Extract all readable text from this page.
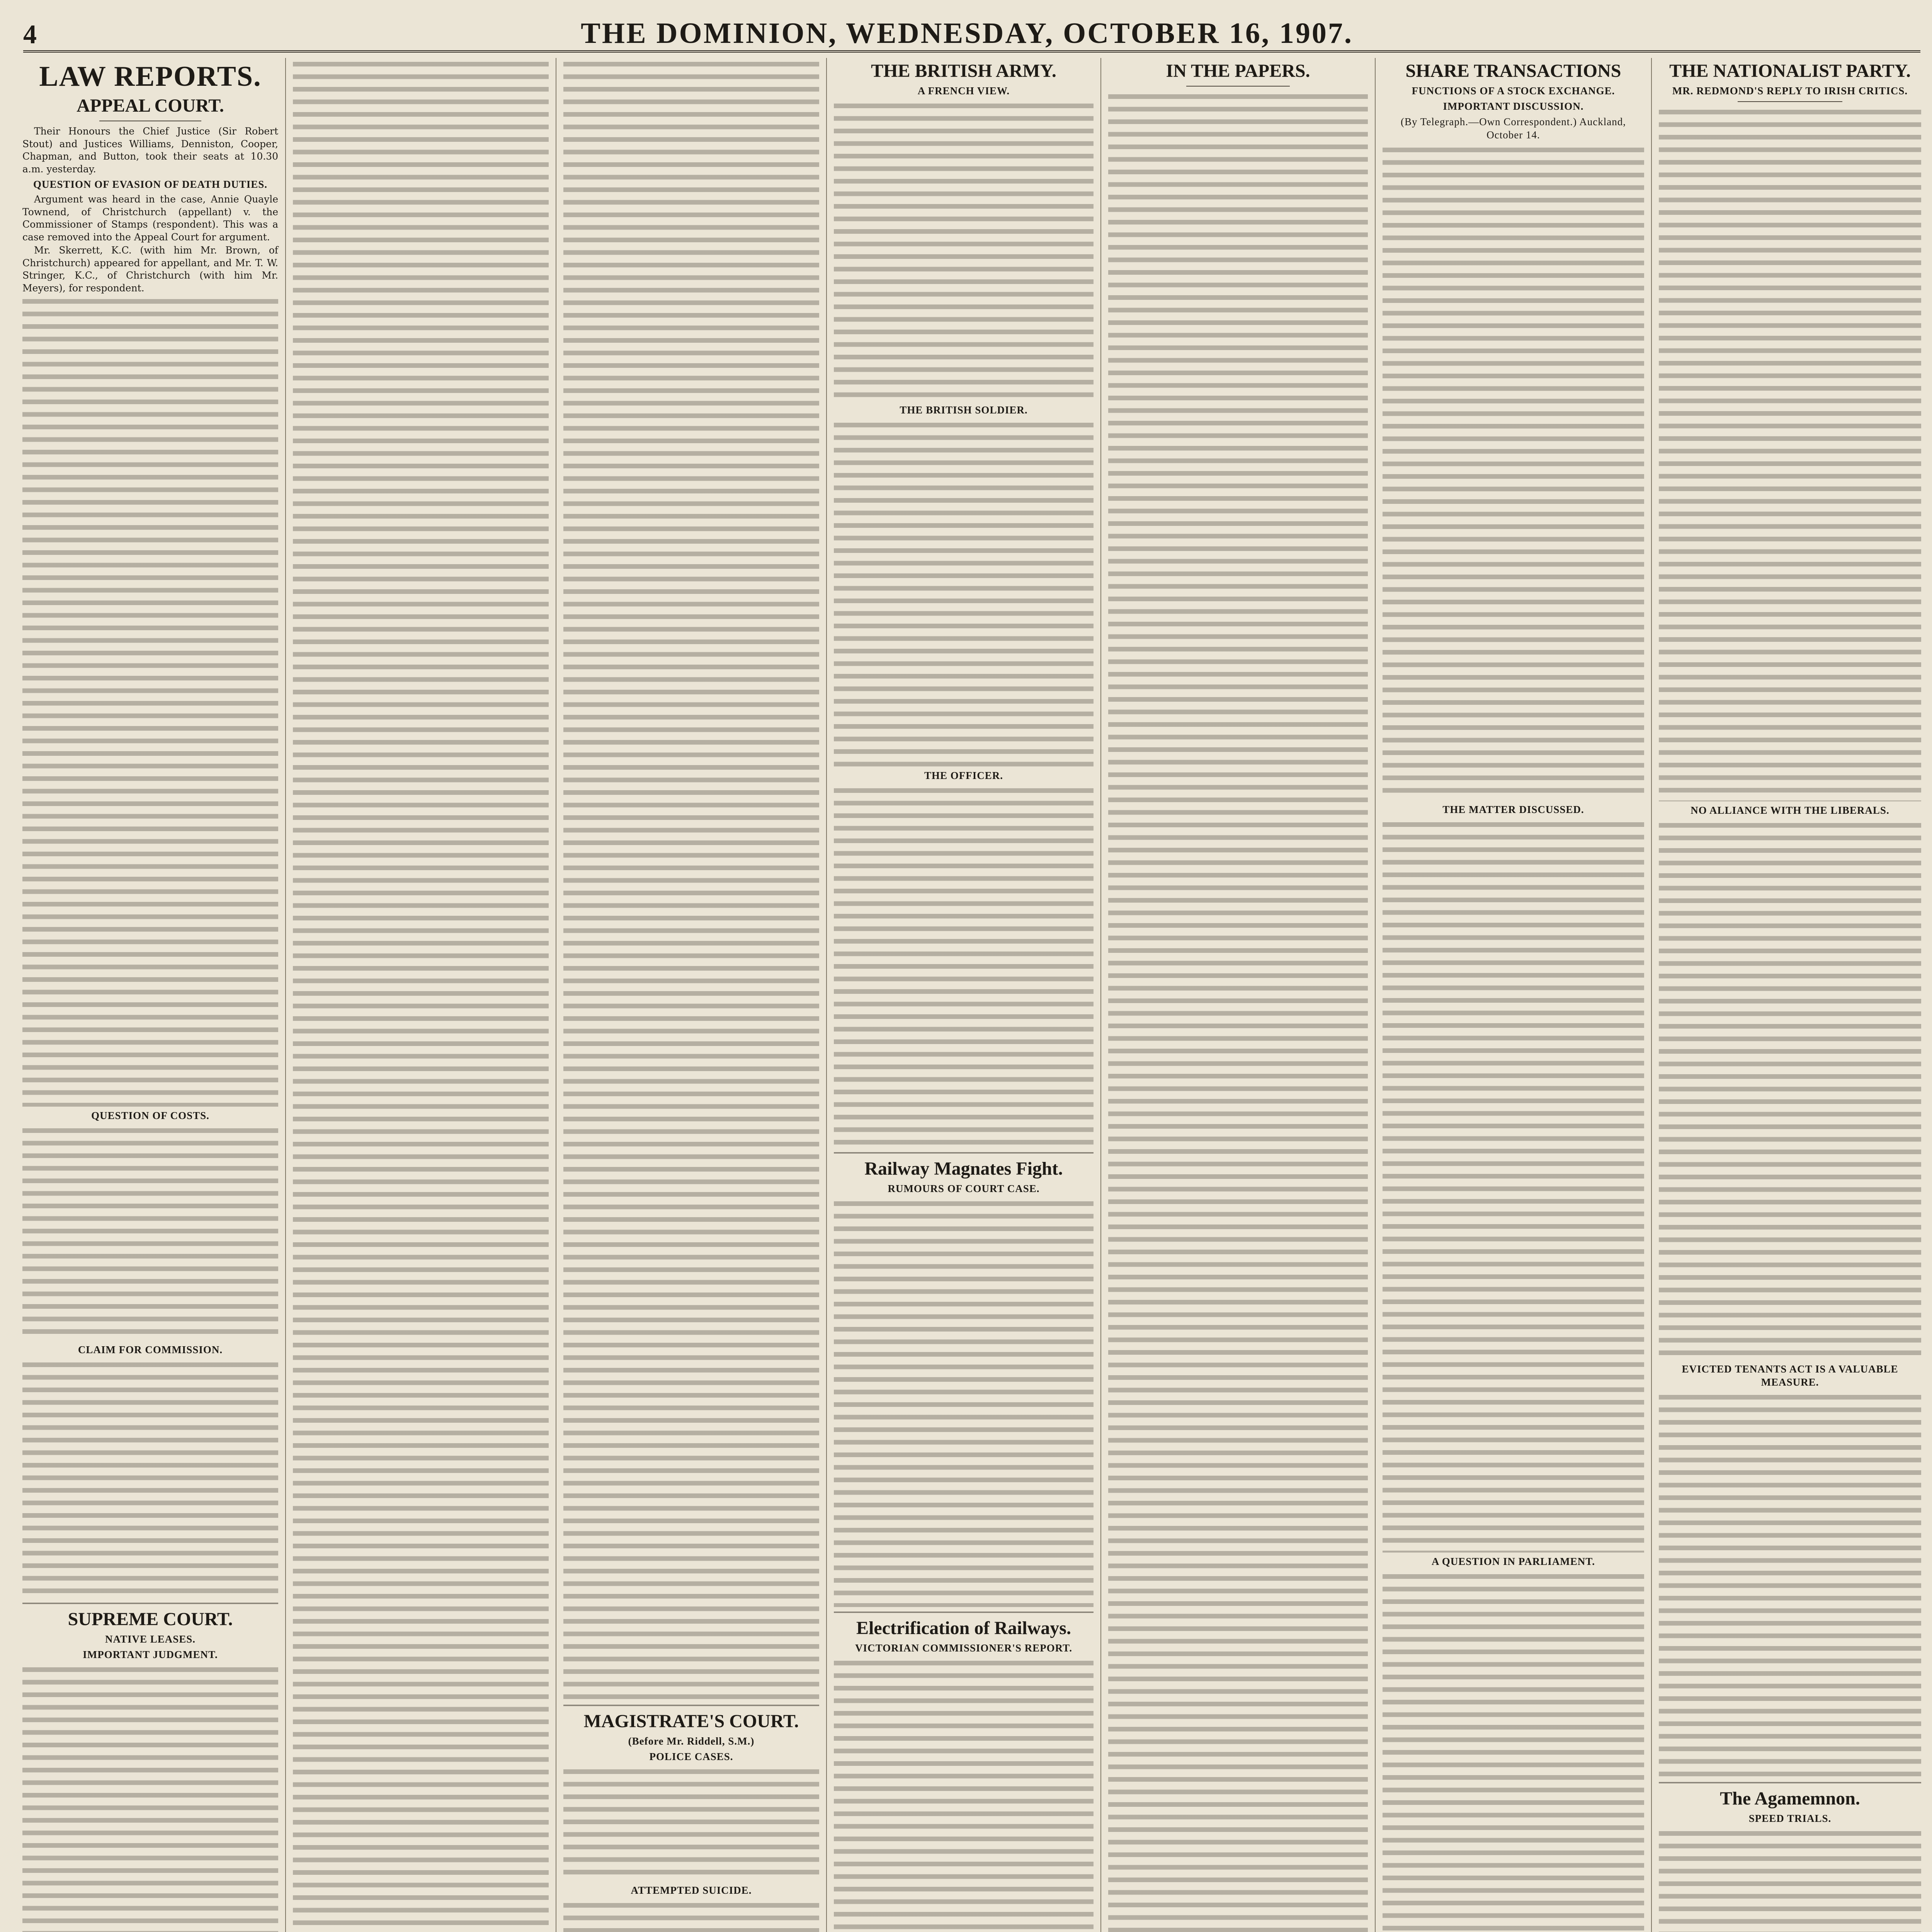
4	THE DOMINION, WEDNESDAY, OCTOBER 16, 1907.
LAW REPORTS.
APPEAL COURT.

Their Honours the Chief Justice (Sir Robert Stout) and Justices Williams, Denniston, Cooper, Chapman, and Button, took their seats at 10.30 a.m. yesterday.

QUESTION OF EVASION OF DEATH DUTIES.

Argument was heard in the case, Annie Quayle Townend, of Christchurch (appellant) v. the Commissioner of Stamps (respondent). This was a case removed into the Appeal Court for argument.

Mr. Skerrett, K.C. (with him Mr. Brown, of Christchurch) appeared for appellant, and Mr. T. W. Stringer, K.C., of Christchurch (with him Mr. Meyers), for respondent.

QUESTION OF COSTS.
CLAIM FOR COMMISSION.
SUPREME COURT.
NATIVE LEASES.
IMPORTANT JUDGMENT.
MAGISTRATE'S COURT.
(Before Mr. Riddell, S.M.)
POLICE CASES.
ATTEMPTED SUICIDE.
THE BRITISH ARMY.
A FRENCH VIEW.
THE BRITISH SOLDIER.
THE OFFICER.
Railway Magnates Fight.
RUMOURS OF COURT CASE.
Electrification of Railways.
VICTORIAN COMMISSIONER'S REPORT.
IN THE PAPERS.	SHARE TRANSACTIONS
FUNCTIONS OF A STOCK EXCHANGE.
IMPORTANT DISCUSSION.
(By Telegraph.—Own Correspondent.) Auckland, October 14.
THE MATTER DISCUSSED.
A QUESTION IN PARLIAMENT.
THE NATIONALIST PARTY.
MR. REDMOND'S REPLY TO IRISH CRITICS.
NO ALLIANCE WITH THE LIBERALS.
EVICTED TENANTS ACT IS A VALUABLE MEASURE.
The Agamemnon.
SPEED TRIALS.
